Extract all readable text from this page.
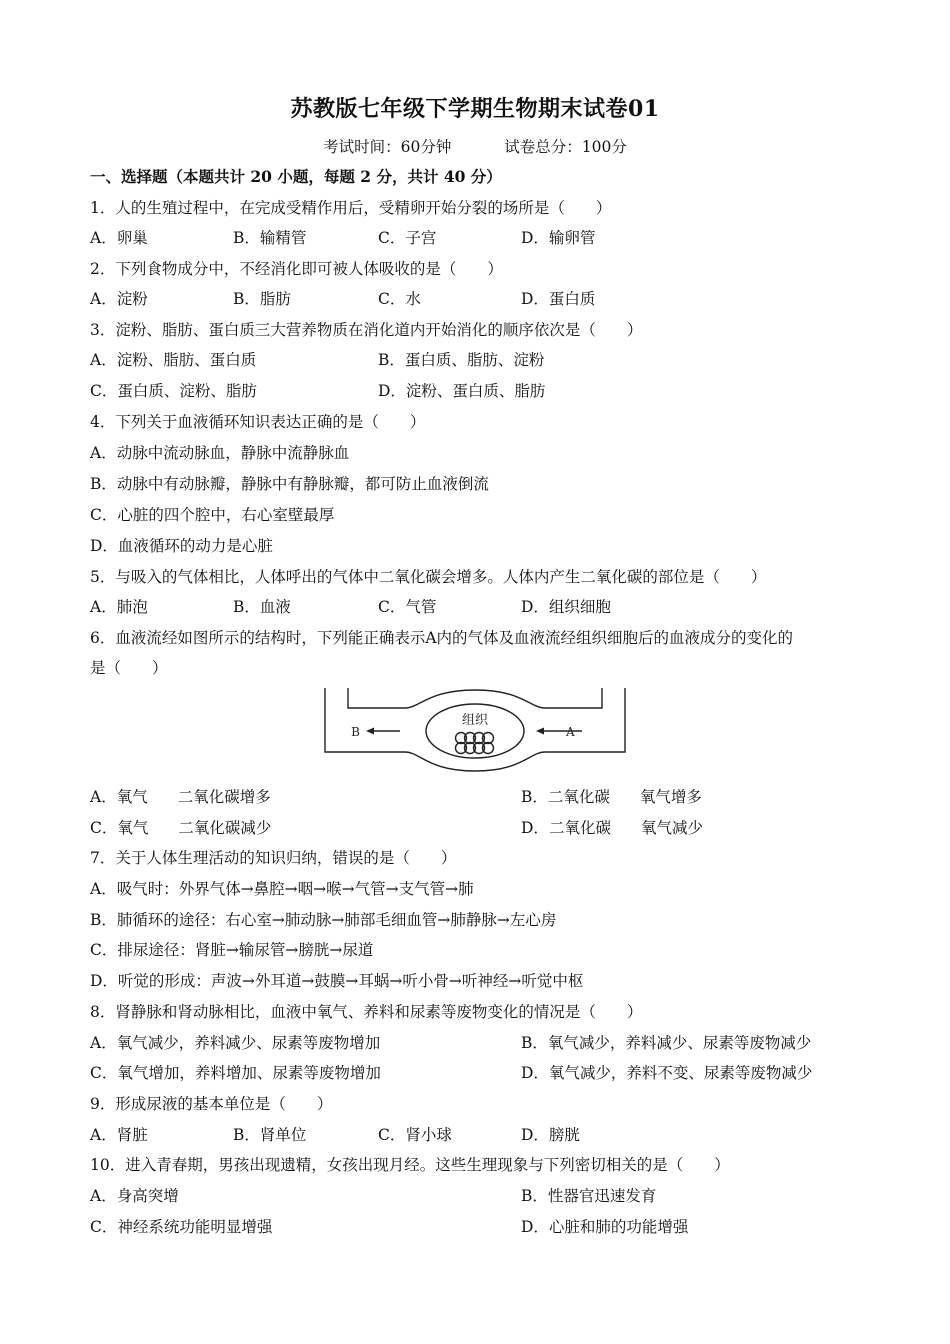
苏教版七年级下学期生物期末试卷01
考试时间：60分钟	试卷总分：100分
一、选择题（本题共计 20 小题，每题 2 分，共计 40 分）
1．人的生殖过程中，在完成受精作用后，受精卵开始分裂的场所是（　　）
A．卵巢	B．输精管	C．子宫	D．输卵管
2．下列食物成分中，不经消化即可被人体吸收的是（　　）
A．淀粉	B．脂肪	C．水	D．蛋白质
3．淀粉、脂肪、蛋白质三大营养物质在消化道内开始消化的顺序依次是（　　）
A．淀粉、脂肪、蛋白质	B．蛋白质、脂肪、淀粉
C．蛋白质、淀粉、脂肪	D．淀粉、蛋白质、脂肪
4．下列关于血液循环知识表达正确的是（　　）
A．动脉中流动脉血，静脉中流静脉血
B．动脉中有动脉瓣，静脉中有静脉瓣，都可防止血液倒流
C．心脏的四个腔中，右心室壁最厚
D．血液循环的动力是心脏
5．与吸入的气体相比，人体呼出的气体中二氧化碳会增多。人体内产生二氧化碳的部位是（　　）
A．肺泡	B．血液	C．气管	D．组织细胞
6．血液流经如图所示的结构时，下列能正确表示A内的气体及血液流经组织细胞后的血液成分的变化的
是（　　）
组织
B	A
A．氧气 二氧化碳增多	B．二氧化碳 氧气增多
C．氧气 二氧化碳减少	D．二氧化碳 氧气减少
7．关于人体生理活动的知识归纳，错误的是（　　）
A．吸气时：外界气体→鼻腔→咽→喉→气管→支气管→肺
B．肺循环的途径：右心室→肺动脉→肺部毛细血管→肺静脉→左心房
C．排尿途径：肾脏→输尿管→膀胱→尿道
D．听觉的形成：声波→外耳道→鼓膜→耳蜗→听小骨→听神经→听觉中枢
8．肾静脉和肾动脉相比，血液中氧气、养料和尿素等废物变化的情况是（　　）
A．氧气减少，养料减少、尿素等废物增加	B．氧气减少，养料减少、尿素等废物减少
C．氧气增加，养料增加、尿素等废物增加	D．氧气减少，养料不变、尿素等废物减少
9．形成尿液的基本单位是（　　）
A．肾脏	B．肾单位	C．肾小球	D．膀胱
10．进入青春期，男孩出现遗精，女孩出现月经。这些生理现象与下列密切相关的是（　　）
A．身高突增	B．性器官迅速发育
C．神经系统功能明显增强	D．心脏和肺的功能增强
